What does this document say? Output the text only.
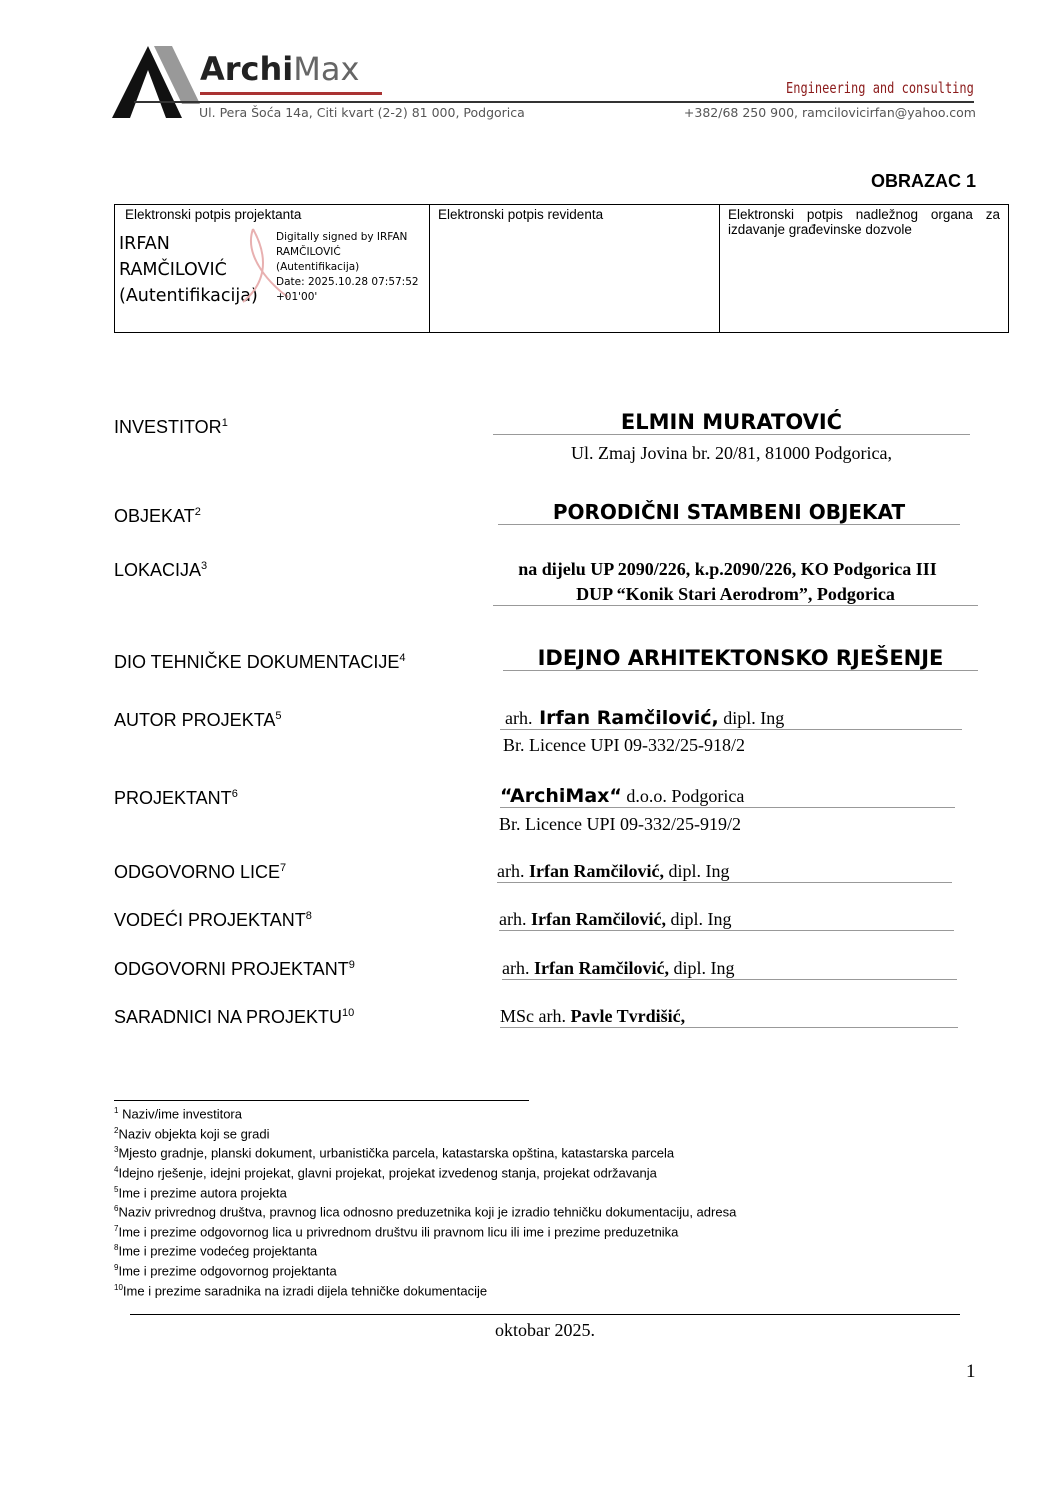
ArchiMax	Engineering and consulting
Ul. Pera Šoća 14a, Citi kvart (2-2) 81 000, Podgorica	+382/68 250 900, ramcilovicirfan@yahoo.com
OBRAZAC 1
Elektronski potpis projektanta
IRFAN
RAMČILOVIĆ
(Autentifikacija)
Digitally signed by IRFAN
RAMČILOVIĆ
(Autentifikacija)
Date: 2025.10.28 07:57:52
+01'00'
	Elektronski potpis revidenta	Elektronski potpis nadležnog organa za izdavanje građevinske dozvole
INVESTITOR$^1$	ELMIN MURATOVIĆ
Ul. Zmaj Jovina br. 20/81, 81000 Podgorica,
OBJEKAT$^2$	PORODIČNI STAMBENI OBJEKAT
LOKACIJA$^3$	na dijelu UP 2090/226, k.p.2090/226, KO Podgorica III
DUP “Konik Stari Aerodrom”, Podgorica
DIO TEHNIČKE DOKUMENTACIJE$^4$	IDEJNO ARHITEKTONSKO RJEŠENJE
AUTOR PROJEKTA$^5$	arh. Irfan Ramčilović, dipl. Ing
Br. Licence UPI 09-332/25-918/2
PROJEKTANT$^6$	“ArchiMax“ d.o.o. Podgorica
Br. Licence UPI 09-332/25-919/2
ODGOVORNO LICE$^7$	arh. Irfan Ramčilović, dipl. Ing
VODEĆI PROJEKTANT$^8$	arh. Irfan Ramčilović, dipl. Ing
ODGOVORNI PROJEKTANT$^9$	arh. Irfan Ramčilović, dipl. Ing
SARADNICI NA PROJEKTU$^{10}$	MSc arh. Pavle Tvrdišić,
$^1$ Naziv/ime investitora
$^2$Naziv objekta koji se gradi
$^3$Mjesto gradnje, planski dokument, urbanistička parcela, katastarska opština, katastarska parcela
$^4$Idejno rješenje, idejni projekat, glavni projekat, projekat izvedenog stanja, projekat održavanja
$^5$Ime i prezime autora projekta
$^6$Naziv privrednog društva, pravnog lica odnosno preduzetnika koji je izradio tehničku dokumentaciju, adresa
$^7$Ime i prezime odgovornog lica u privrednom društvu ili pravnom licu ili ime i prezime preduzetnika
$^8$Ime i prezime vodećeg projektanta
$^9$Ime i prezime odgovornog projektanta
$^{10}$Ime i prezime saradnika na izradi dijela tehničke dokumentacije
oktobar 2025.
1
